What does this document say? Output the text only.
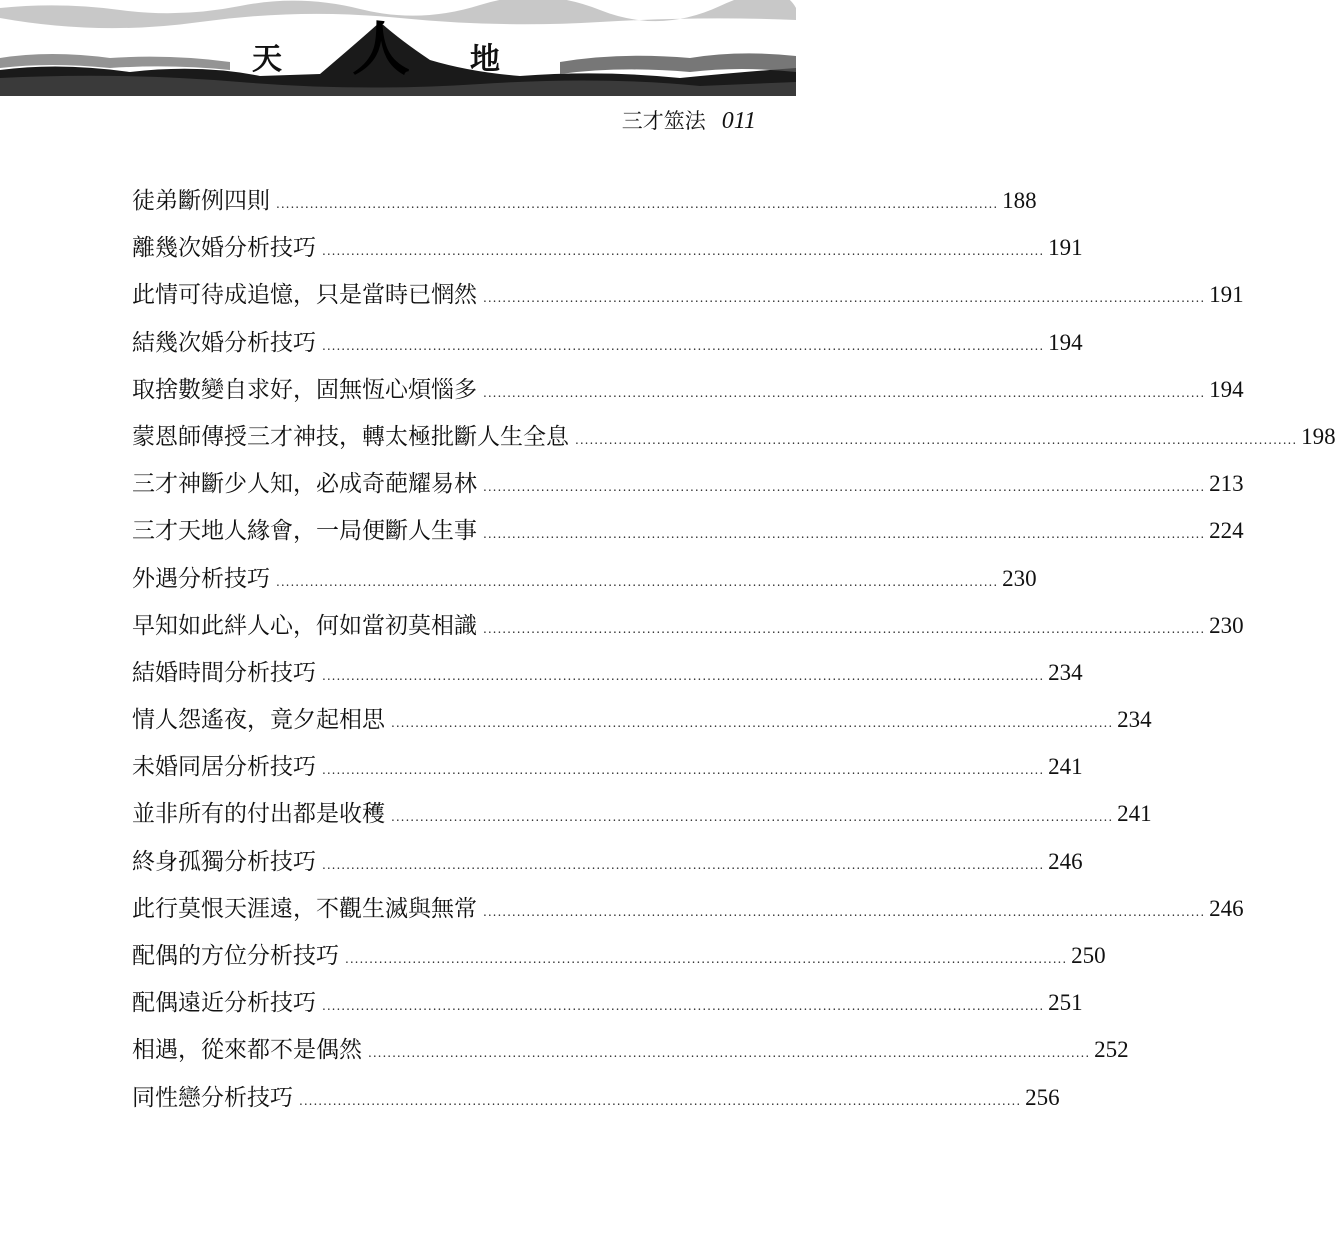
天	地
人
三才筮法 011
徒弟斷例四則 ...................................................................................................................................................... 188
離幾次婚分析技巧 ...................................................................................................................................................... 191
此情可待成追憶，只是當時已惘然 ...................................................................................................................................................... 191
結幾次婚分析技巧 ...................................................................................................................................................... 194
取捨數變自求好，固無恆心煩惱多 ...................................................................................................................................................... 194
蒙恩師傳授三才神技，轉太極批斷人生全息 ...................................................................................................................................................... 198
三才神斷少人知，必成奇葩耀易林 ...................................................................................................................................................... 213
三才天地人緣會，一局便斷人生事 ...................................................................................................................................................... 224
外遇分析技巧 ...................................................................................................................................................... 230
早知如此絆人心，何如當初莫相識 ...................................................................................................................................................... 230
結婚時間分析技巧 ...................................................................................................................................................... 234
情人怨遙夜，竟夕起相思 ...................................................................................................................................................... 234
未婚同居分析技巧 ...................................................................................................................................................... 241
並非所有的付出都是收穫 ...................................................................................................................................................... 241
終身孤獨分析技巧 ...................................................................................................................................................... 246
此行莫恨天涯遠，不觀生滅與無常 ...................................................................................................................................................... 246
配偶的方位分析技巧 ...................................................................................................................................................... 250
配偶遠近分析技巧 ...................................................................................................................................................... 251
相遇，從來都不是偶然 ...................................................................................................................................................... 252
同性戀分析技巧 ...................................................................................................................................................... 256
